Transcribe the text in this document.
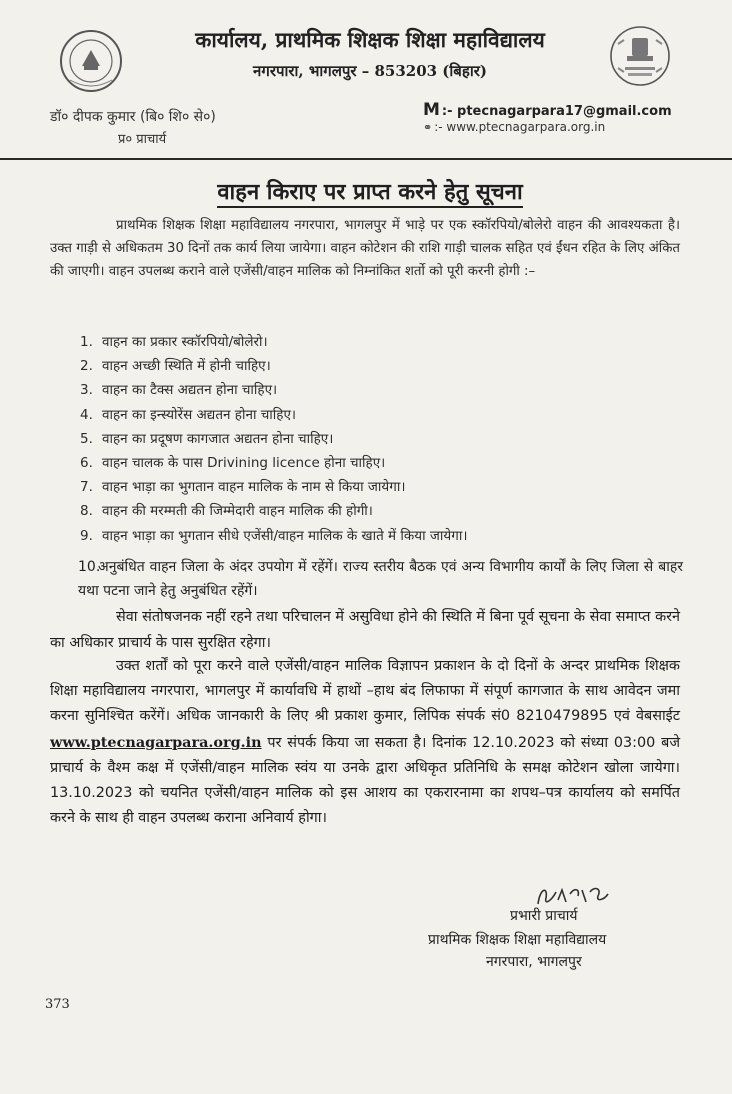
कार्यालय, प्राथमिक शिक्षक शिक्षा महाविद्यालय
नगरपारा, भागलपुर – 853203 (बिहार)
डॉ० दीपक कुमार (बि० शि० से०)
प्र० प्राचार्य
M :- ptecnagarpara17@gmail.com
⚭ :- www.ptecnagarpara.org.in
वाहन किराए पर प्राप्त करने हेतु सूचना
प्राथमिक शिक्षक शिक्षा महाविद्यालय नगरपारा, भागलपुर में भाड़े पर एक स्कॉरपियो/बोलेरो वाहन की आवश्यकता है। उक्त गाड़ी से अधिकतम 30 दिनों तक कार्य लिया जायेगा। वाहन कोटेशन की राशि गाड़ी चालक सहित एवं ईंधन रहित के लिए अंकित की जाएगी। वाहन उपलब्ध कराने वाले एजेंसी/वाहन मालिक को निम्नांकित शर्तो को पूरी करनी होगी :–
1. वाहन का प्रकार स्कॉरपियो/बोलेरो।
2. वाहन अच्छी स्थिति में होनी चाहिए।
3. वाहन का टैक्स अद्यतन होना चाहिए।
4. वाहन का इन्स्योरेंस अद्यतन होना चाहिए।
5. वाहन का प्रदूषण कागजात अद्यतन होना चाहिए।
6. वाहन चालक के पास Drivining licence होना चाहिए।
7. वाहन भाड़ा का भुगतान वाहन मालिक के नाम से किया जायेगा।
8. वाहन की मरम्मती की जिम्मेदारी वाहन मालिक की होगी।
9. वाहन भाड़ा का भुगतान सीधे एजेंसी/वाहन मालिक के खाते में किया जायेगा।
10.अनुबंधित वाहन जिला के अंदर उपयोग में रहेंगें। राज्य स्तरीय बैठक एवं अन्य विभागीय कार्यों के लिए जिला से बाहर यथा पटना जाने हेतु अनुबंधित रहेंगें।
सेवा संतोषजनक नहीं रहने तथा परिचालन में असुविधा होने की स्थिति में बिना पूर्व सूचना के सेवा समाप्त करने का अधिकार प्राचार्य के पास सुरक्षित रहेगा।
उक्त शर्तों को पूरा करने वाले एजेंसी/वाहन मालिक विज्ञापन प्रकाशन के दो दिनों के अन्दर प्राथमिक शिक्षक शिक्षा महाविद्यालय नगरपारा, भागलपुर में कार्यावधि में हाथों –हाथ बंद लिफाफा में संपूर्ण कागजात के साथ आवेदन जमा करना सुनिश्चित करेंगें। अधिक जानकारी के लिए श्री प्रकाश कुमार, लिपिक संपर्क सं0 8210479895 एवं वेबसाईट www.ptecnagarpara.org.in पर संपर्क किया जा सकता है। दिनांक 12.10.2023 को संध्या 03:00 बजे प्राचार्य के वैश्म कक्ष में एजेंसी/वाहन मालिक स्वंय या उनके द्वारा अधिकृत प्रतिनिधि के समक्ष कोटेशन खोला जायेगा। 13.10.2023 को चयनित एजेंसी/वाहन मालिक को इस आशय का एकरारनामा का शपथ–पत्र कार्यालय को समर्पित करने के साथ ही वाहन उपलब्ध कराना अनिवार्य होगा।
प्रभारी प्राचार्य
प्राथमिक शिक्षक शिक्षा महाविद्यालय
नगरपारा, भागलपुर
373
